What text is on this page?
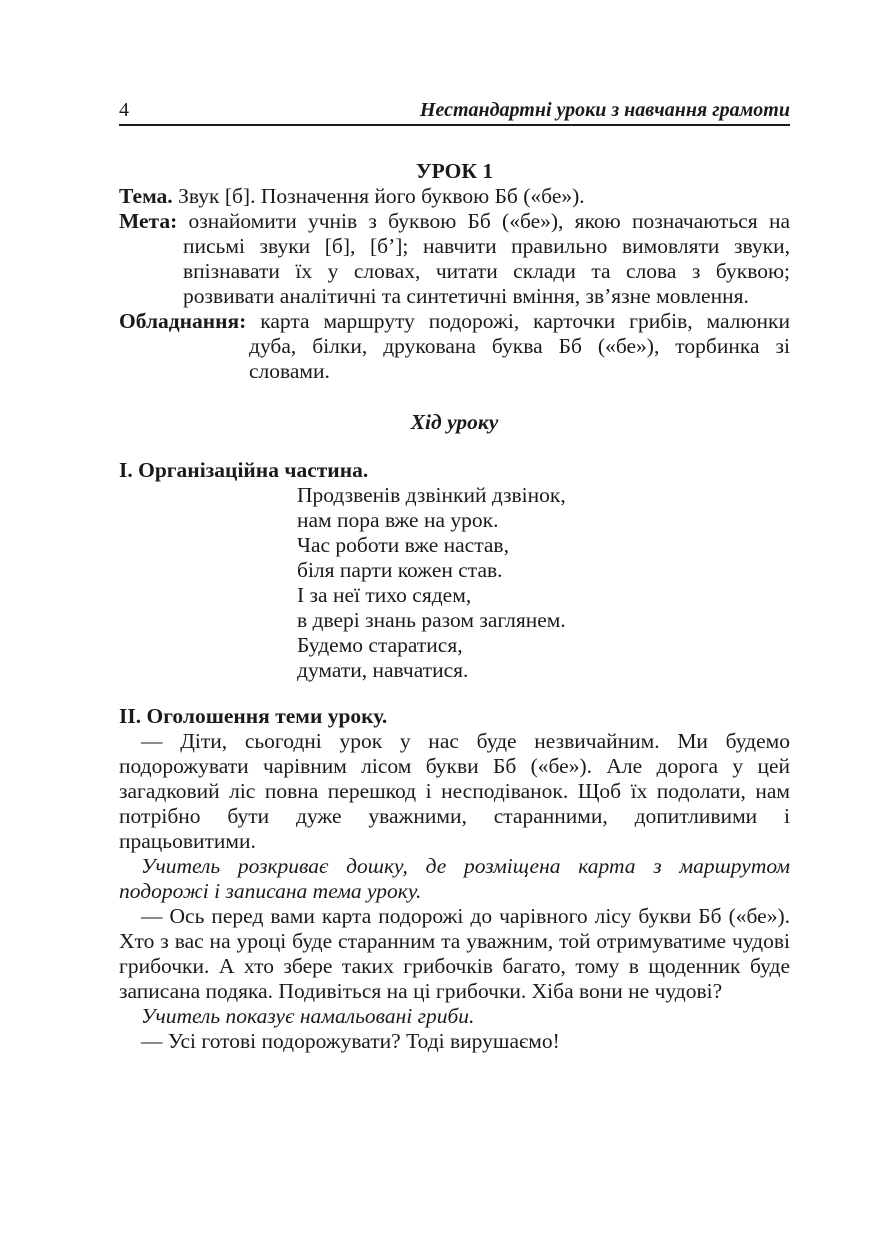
4	Нестандартні уроки з навчання грамоти
УРОК 1
Тема. Звук [б]. Позначення його буквою Бб («бе»).
Мета: ознайомити учнів з буквою Бб («бе»), якою позначаються на письмі звуки [б], [б’]; навчити правильно вимовляти звуки, впізнавати їх у словах, читати склади та слова з буквою; розвивати аналітичні та синтетичні вміння, зв’язне мовлення.
Обладнання: карта маршруту подорожі, карточки грибів, малюнки дуба, білки, друкована буква Бб («бе»), торбинка зі словами.
Хід уроку
I. Організаційна частина.
Продзвенів дзвінкий дзвінок,
нам пора вже на урок.
Час роботи вже настав,
біля парти кожен став.
І за неї тихо сядем,
в двері знань разом заглянем.
Будемо старатися,
думати, навчатися.
II. Оголошення теми уроку.
— Діти, сьогодні урок у нас буде незвичайним. Ми будемо подорожувати чарівним лісом букви Бб («бе»). Але дорога у цей загадковий ліс повна перешкод і несподіванок. Щоб їх подолати, нам потрібно бути дуже уважними, старанними, допитливими і працьовитими.
Учитель розкриває дошку, де розміщена карта з маршрутом подорожі і записана тема уроку.
— Ось перед вами карта подорожі до чарівного лісу букви Бб («бе»). Хто з вас на уроці буде старанним та уважним, той отримуватиме чудові грибочки. А хто збере таких грибочків багато, тому в щоденник буде записана подяка. Подивіться на ці грибочки. Хіба вони не чудові?
Учитель показує намальовані гриби.
— Усі готові подорожувати? Тоді вирушаємо!
